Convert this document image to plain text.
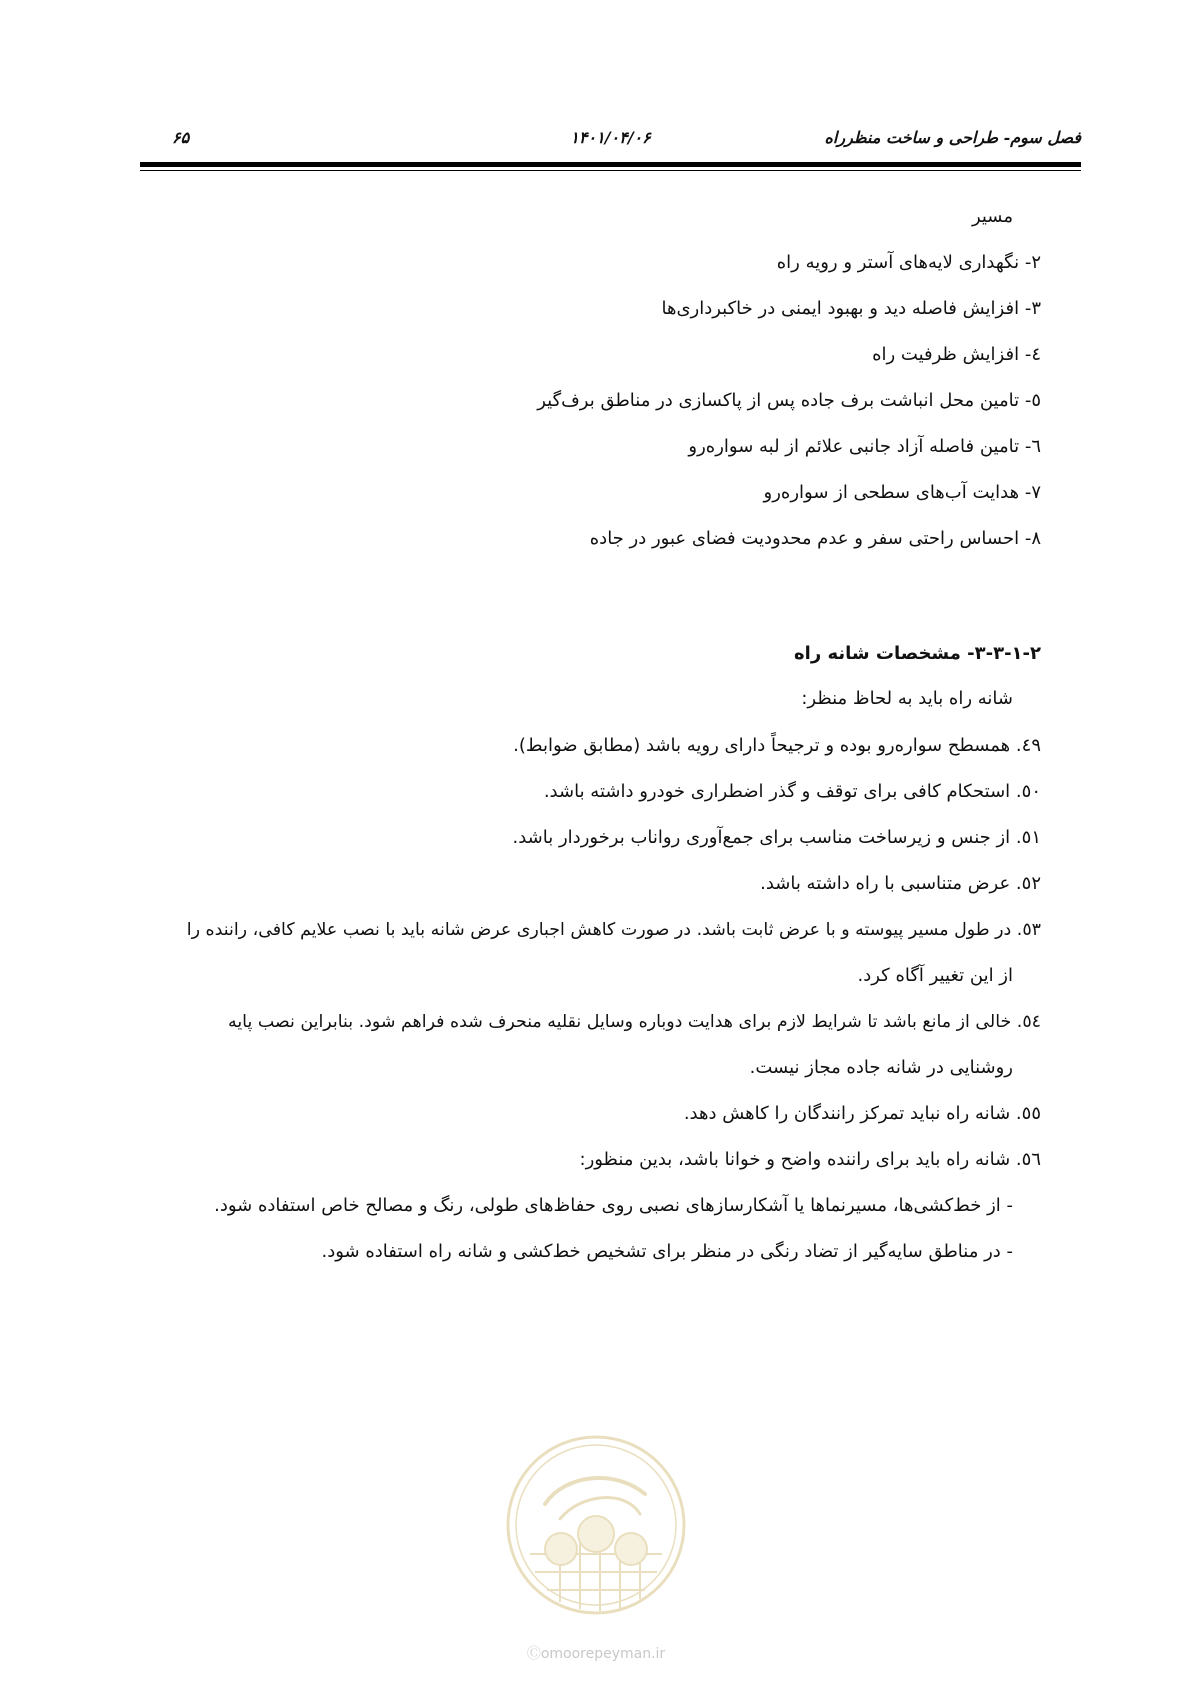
فصل سوم- طراحی و ساخت منظرراه
۱۴۰۱/۰۴/۰۶
۶۵
مسیر
۲- نگهداری لایه‌های آستر و رویه راه
۳- افزایش فاصله دید و بهبود ایمنی در خاکبرداری‌ها
٤- افزایش ظرفیت راه
٥- تامین محل انباشت برف جاده پس از پاکسازی در مناطق برف‌گیر
٦- تامین فاصله آزاد جانبی علائم از لبه سواره‌رو
۷- هدایت آب‌های سطحی از سواره‌رو
۸- احساس راحتی سفر و عدم محدودیت فضای عبور در جاده
۳-۳-۱-۲- مشخصات شانه راه
شانه راه باید به لحاظ منظر:
٤٩. همسطح سواره‌رو بوده و ترجیحاً دارای رویه باشد (مطابق ضوابط).
٥٠. استحکام کافی برای توقف و گذر اضطراری خودرو داشته باشد.
٥١. از جنس و زیرساخت مناسب برای جمع‌آوری رواناب برخوردار باشد.
٥٢. عرض متناسبی با راه داشته باشد.
٥٣. در طول مسیر پیوسته و با عرض ثابت باشد. در صورت کاهش اجباری عرض شانه باید با نصب علایم کافی، راننده را
از این تغییر آگاه کرد.
٥٤. خالی از مانع باشد تا شرایط لازم برای هدایت دوباره وسایل نقلیه منحرف شده فراهم شود. بنابراین نصب پایه
روشنایی در شانه جاده مجاز نیست.
٥٥. شانه راه نباید تمرکز رانندگان را کاهش دهد.
٥٦. شانه راه باید برای راننده واضح و خوانا باشد، بدین منظور:
- از خط‌کشی‌ها، مسیرنماها یا آشکارسازهای نصبی روی حفاظ‌های طولی، رنگ و مصالح خاص استفاده شود.
- در مناطق سایه‌گیر از تضاد رنگی در منظر برای تشخیص خط‌کشی و شانه راه استفاده شود.
Ⓒomoorepeyman.ir
